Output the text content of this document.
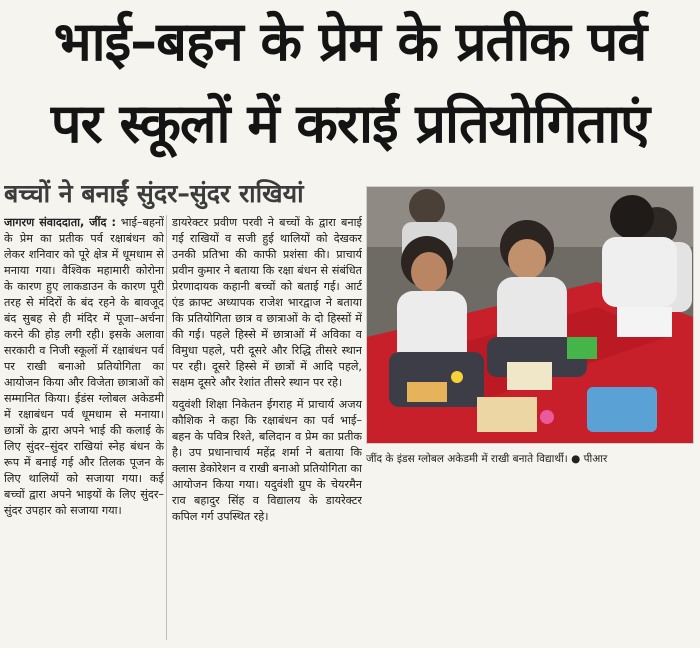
भाई–बहन के प्रेम के प्रतीक पर्व
पर स्कूलों में कराईं प्रतियोगिताएं
बच्चों ने बनाईं सुंदर–सुंदर राखियां

जागरण संवाददाता, जींद : भाई–बहनों के प्रेम का प्रतीक पर्व रक्षाबंधन को लेकर शनिवार को पूरे क्षेत्र में धूमधाम से मनाया गया। वैश्विक महामारी कोरोना के कारण हुए लाकडाउन के कारण पूरी तरह से मंदिरों के बंद रहने के बावजूद बंद सुबह से ही मंदिर में पूजा–अर्चना करने की होड़ लगी रही। इसके अलावा सरकारी व निजी स्कूलों में रक्षाबंधन पर्व पर राखी बनाओ प्रतियोगिता का आयोजन किया और विजेता छात्राओं को सम्मानित किया। ईडंस ग्लोबल अकेडमी में रक्षाबंधन पर्व धूमधाम से मनाया। छात्रों के द्वारा अपने भाई की कलाई के लिए सुंदर–सुंदर राखियां स्नेह बंधन के रूप में बनाई गई और तिलक पूजन के लिए थालियों को सजाया गया। कई बच्चों द्वारा अपने भाइयों के लिए सुंदर–सुंदर उपहार को सजाया गया।

डायरेक्टर प्रवीण परवी ने बच्चों के द्वारा बनाई गई राखियों व सजी हुई थालियों को देखकर उनकी प्रतिभा की काफी प्रशंसा की। प्राचार्य प्रवीन कुमार ने बताया कि रक्षा बंधन से संबंधित प्रेरणादायक कहानी बच्चों को बताई गई। आर्ट एंड क्राफ्ट अध्यापक राजेश भारद्वाज ने बताया कि प्रतियोगिता छात्र व छात्राओं के दो हिस्सों में की गई। पहले हिस्से में छात्राओं में अविका व विमुधा पहले, परी दूसरे और रिद्धि तीसरे स्थान पर रही। दूसरे हिस्से में छात्रों में आदि पहले, सक्षम दूसरे और रेशांत तीसरे स्थान पर रहे।

यदुवंशी शिक्षा निकेतन ईगराह में प्राचार्य अजय कौशिक ने कहा कि रक्षाबंधन का पर्व भाई–बहन के पवित्र रिश्ते, बलिदान व प्रेम का प्रतीक है। उप प्रधानाचार्य महेंद्र शर्मा ने बताया कि क्लास डेकोरेशन व राखी बनाओ प्रतियोगिता का आयोजन किया गया। यदुवंशी ग्रुप के चेयरमैन राव बहादुर सिंह व विद्यालय के डायरेक्टर कपिल गर्ग उपस्थित रहे।

जींद के इंडस ग्लोबल अकेडमी में राखी बनाते विद्यार्थी। ● पीआर
